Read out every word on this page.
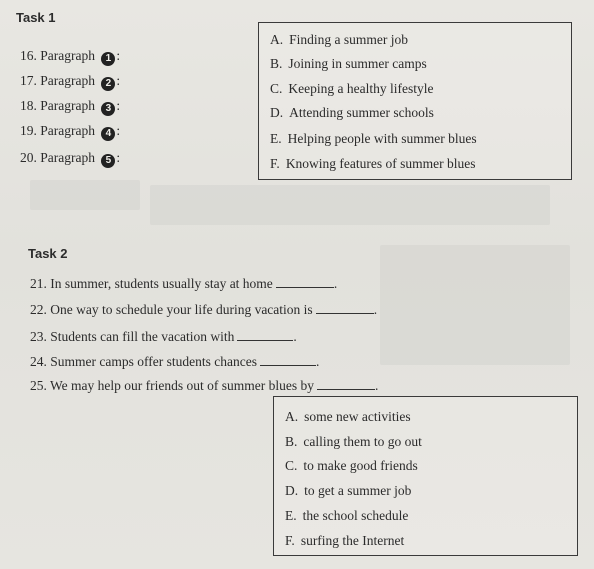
Task 1
16. Paragraph 1 :
17. Paragraph 2 :
18. Paragraph 3 :
19. Paragraph 4 :
20. Paragraph 5 :
A. Finding a summer job
B. Joining in summer camps
C. Keeping a healthy lifestyle
D. Attending summer schools
E. Helping people with summer blues
F. Knowing features of summer blues
Task 2
21. In summer, students usually stay at home	.
22. One way to schedule your life during vacation is	.
23. Students can fill the vacation with	.
24. Summer camps offer students chances	.
25. We may help our friends out of summer blues by	.
A. some new activities
B. calling them to go out
C. to make good friends
D. to get a summer job
E. the school schedule
F. surfing the Internet
